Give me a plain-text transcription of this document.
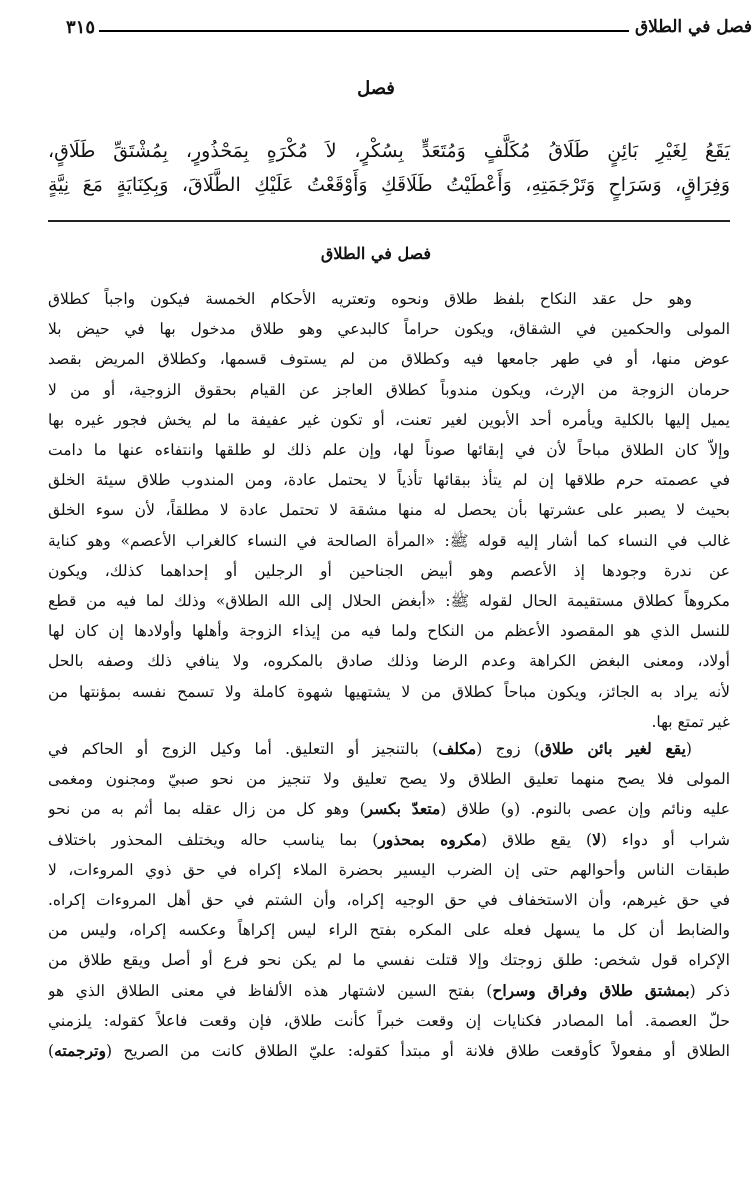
فصل في الطلاق
٣١٥
فصل

يَقَعُ لِغَيْرِ بَائِنٍ طَلَاقُ مُكَلَّفٍ وَمُتَعَدٍّ بِسُكْرٍ، لاَ مُكْرَهٍ بِمَحْذُورٍ، بِمُشْتَقِّ طَلَاقٍ،

وَفِرَاقٍ، وَسَرَاحٍ وَتَرْجَمَتِهِ، وَأَعْطَيْتُ طَلَاقَكِ وَأَوْقَعْتُ عَلَيْكِ الطَّلَاقَ، وَبِكِنَايَةٍ مَعَ نِيَّةٍ

فصل في الطلاق
وهو حل عقد النكاح بلفظ طلاق ونحوه وتعتريه الأحكام الخمسة فيكون واجباً كطلاق
المولى والحكمين في الشقاق، ويكون حراماً كالبدعي وهو طلاق مدخول بها في حيض بلا
عوض منها، أو في طهر جامعها فيه وكطلاق من لم يستوف قسمها، وكطلاق المريض بقصد
حرمان الزوجة من الإرث، ويكون مندوباً كطلاق العاجز عن القيام بحقوق الزوجية، أو من لا
يميل إليها بالكلية ويأمره أحد الأبوين لغير تعنت، أو تكون غير عفيفة ما لم يخش فجور غيره بها
وإلاّ كان الطلاق مباحاً لأن في إبقائها صوناً لها، وإن علم ذلك لو طلقها وانتفاءه عنها ما دامت
في عصمته حرم طلاقها إن لم يتأذ ببقائها تأذياً لا يحتمل عادة، ومن المندوب طلاق سيئة الخلق
بحيث لا يصبر على عشرتها بأن يحصل له منها مشقة لا تحتمل عادة لا مطلقاً، لأن سوء الخلق
غالب في النساء كما أشار إليه قوله ﷺ: «المرأة الصالحة في النساء كالغراب الأعصم» وهو كناية
عن ندرة وجودها إذ الأعصم وهو أبيض الجناحين أو الرجلين أو إحداهما كذلك، ويكون
مكروهاً كطلاق مستقيمة الحال لقوله ﷺ: «أبغض الحلال إلى الله الطلاق» وذلك لما فيه من قطع
للنسل الذي هو المقصود الأعظم من النكاح ولما فيه من إيذاء الزوجة وأهلها وأولادها إن كان لها
أولاد، ومعنى البغض الكراهة وعدم الرضا وذلك صادق بالمكروه، ولا ينافي ذلك وصفه بالحل
لأنه يراد به الجائز، ويكون مباحاً كطلاق من لا يشتهيها شهوة كاملة ولا تسمح نفسه بمؤنتها من
غير تمتع بها.
(يقع لغير بائن طلاق) زوج (مكلف) بالتنجيز أو التعليق. أما وكيل الزوج أو الحاكم في
المولى فلا يصح منهما تعليق الطلاق ولا يصح تعليق ولا تنجيز من نحو صبيّ ومجنون ومغمى
عليه ونائم وإن عصى بالنوم. (و) طلاق (متعدّ بكسر) وهو كل من زال عقله بما أثم به من نحو
شراب أو دواء (لا) يقع طلاق (مكروه بمحذور) بما يناسب حاله ويختلف المحذور باختلاف
طبقات الناس وأحوالهم حتى إن الضرب اليسير بحضرة الملاء إكراه في حق ذوي المروءات، لا
في حق غيرهم، وأن الاستخفاف في حق الوجيه إكراه، وأن الشتم في حق أهل المروءات إكراه.
والضابط أن كل ما يسهل فعله على المكره بفتح الراء ليس إكراهاً وعكسه إكراه، وليس من
الإكراه قول شخص: طلق زوجتك وإلا قتلت نفسي ما لم يكن نحو فرع أو أصل ويقع طلاق من
ذكر (بمشتق طلاق وفراق وسراح) بفتح السين لاشتهار هذه الألفاظ في معنى الطلاق الذي هو
حلّ العصمة. أما المصادر فكنايات إن وقعت خبراً كأنت طلاق، فإن وقعت فاعلاً كقوله: يلزمني
الطلاق أو مفعولاً كأوقعت طلاق فلانة أو مبتدأ كقوله: عليّ الطلاق كانت من الصريح (وترجمته)
